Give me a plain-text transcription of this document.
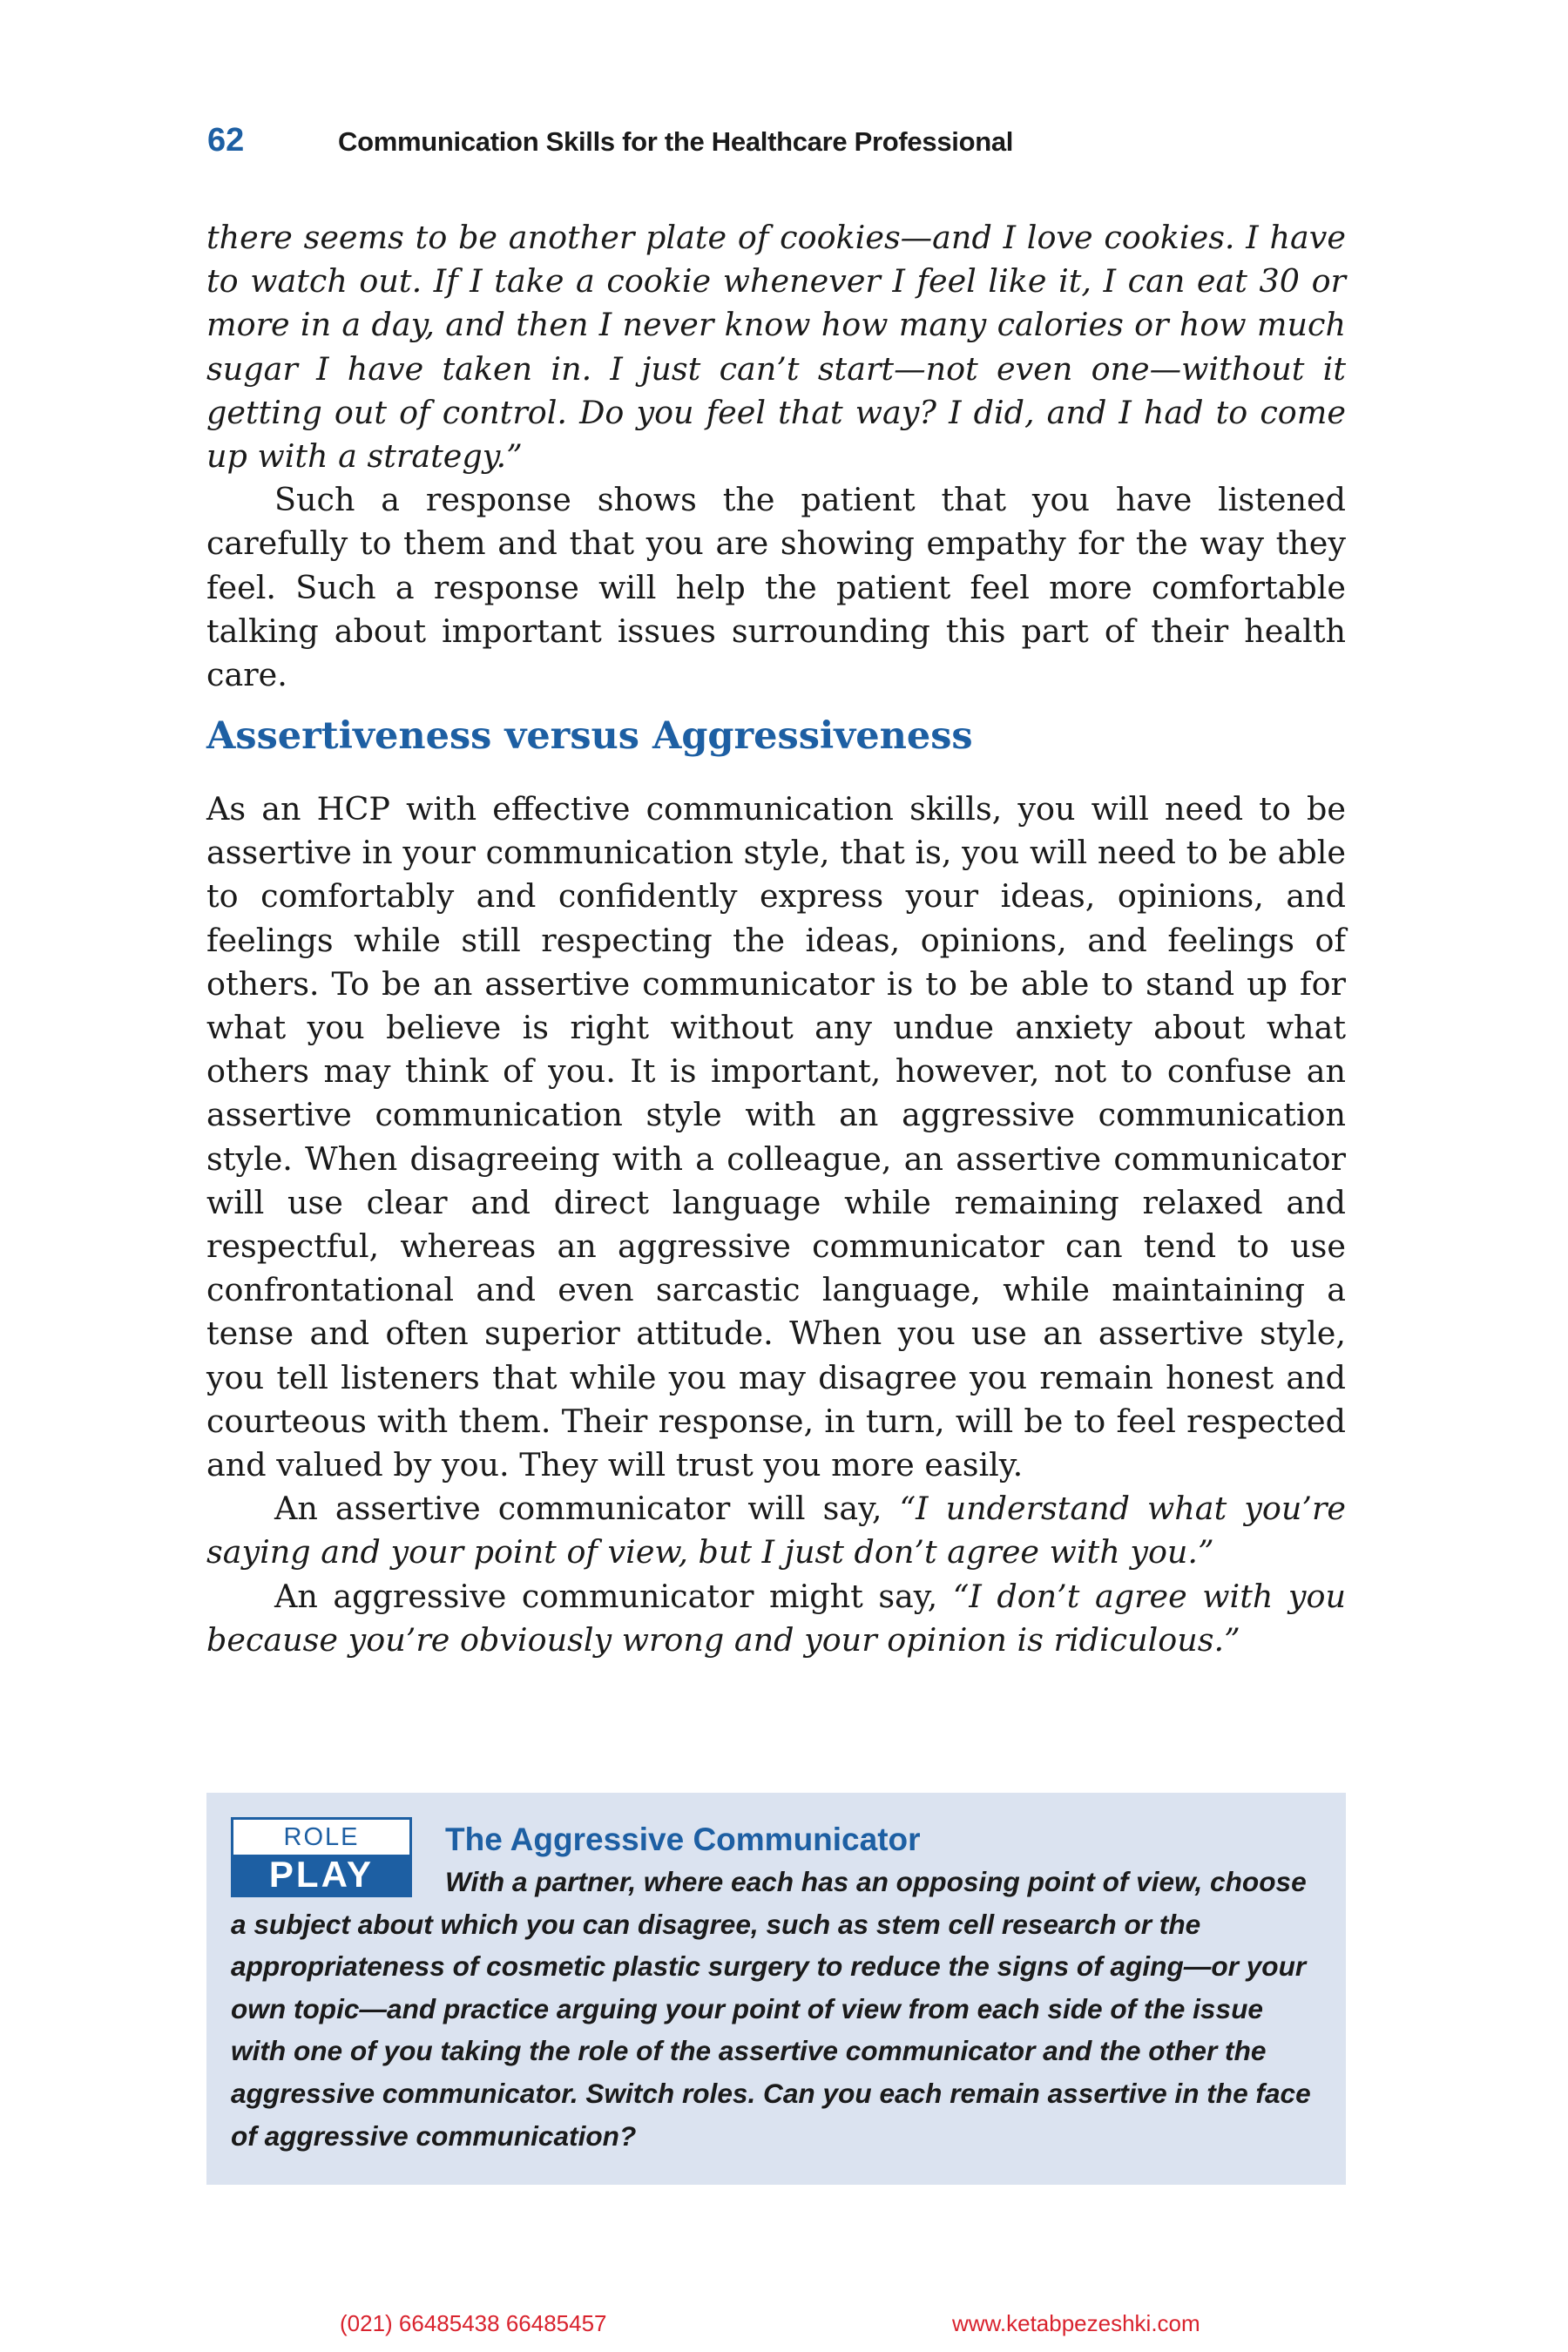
62	Communication Skills for the Healthcare Professional

there seems to be another plate of cookies—and I love cookies. I have to watch out. If I take a cookie whenever I feel like it, I can eat 30 or more in a day, and then I never know how many calories or how much sugar I have taken in. I just can’t start—not even one—without it getting out of control. Do you feel that way? I did, and I had to come up with a strategy.”

Such a response shows the patient that you have listened carefully to them and that you are showing empathy for the way they feel. Such a response will help the patient feel more comfortable talking about important issues surrounding this part of their health care.

Assertiveness versus Aggressiveness

As an HCP with effective communication skills, you will need to be assertive in your communication style, that is, you will need to be able to comfortably and confidently express your ideas, opinions, and feelings while still respecting the ideas, opinions, and feelings of others. To be an assertive communicator is to be able to stand up for what you believe is right without any undue anxiety about what others may think of you. It is important, however, not to confuse an assertive communication style with an aggressive communication style. When disagreeing with a colleague, an assertive communicator will use clear and direct language while remaining relaxed and respectful, whereas an aggressive communicator can tend to use confrontational and even sarcastic language, while maintaining a tense and often superior attitude. When you use an assertive style, you tell listeners that while you may disagree you remain honest and courteous with them. Their response, in turn, will be to feel respected and valued by you. They will trust you more easily.

An assertive communicator will say, “I understand what you’re saying and your point of view, but I just don’t agree with you.”

An aggressive communicator might say, “I don’t agree with you because you’re obviously wrong and your opinion is ridiculous.”

ROLE
PLAY

The Aggressive Communicator

With a partner, where each has an opposing point of view, choose a subject about which you can disagree, such as stem cell research or the appropriateness of cosmetic plastic surgery to reduce the signs of aging—or your own topic—and practice arguing your point of view from each side of the issue with one of you taking the role of the assertive communicator and the other the aggressive communicator. Switch roles. Can you each remain assertive in the face of aggressive communication?

(021) 66485438 66485457	www.ketabpezeshki.com
